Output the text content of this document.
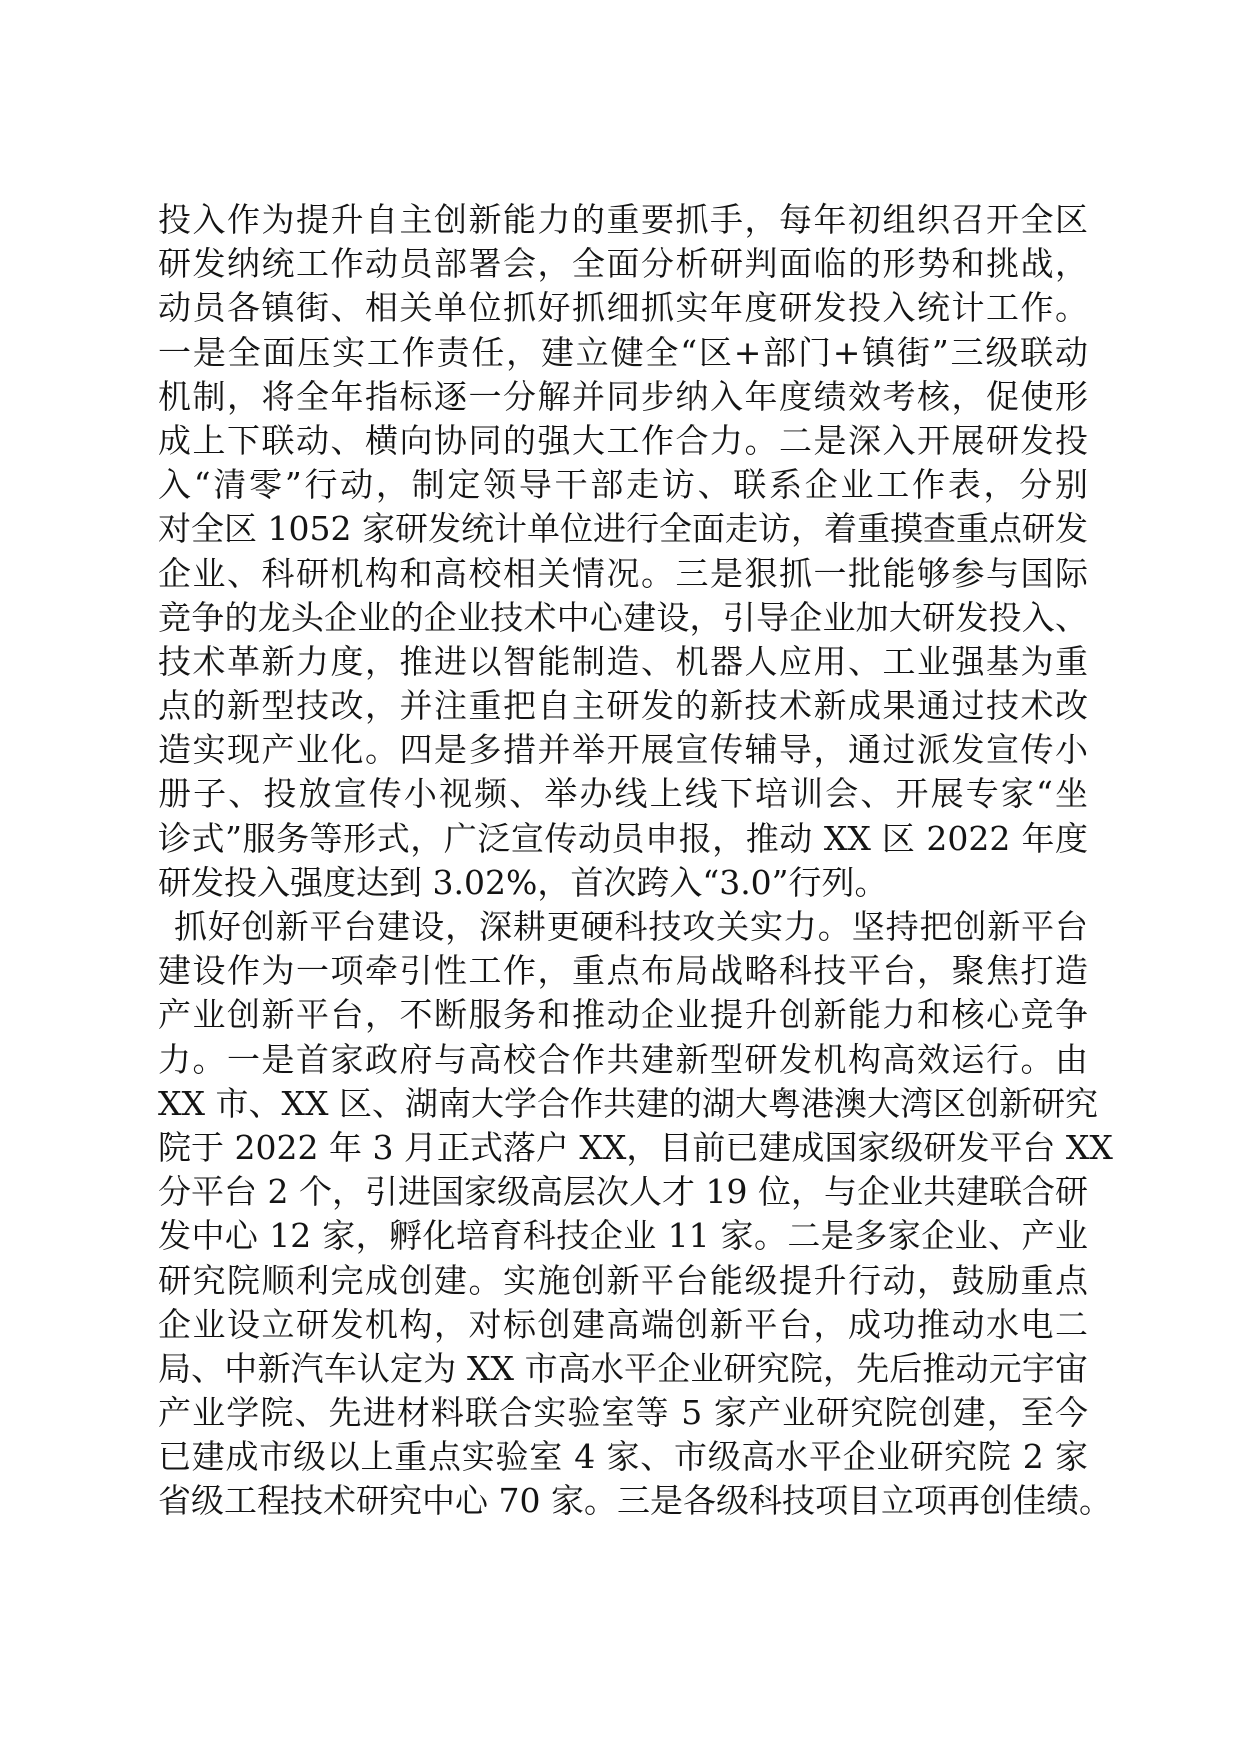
投入作为提升自主创新能力的重要抓手，每年初组织召开全区
研发纳统工作动员部署会，全面分析研判面临的形势和挑战，
动员各镇街、相关单位抓好抓细抓实年度研发投入统计工作。
一是全面压实工作责任，建立健全“区+部门+镇街”三级联动
机制，将全年指标逐一分解并同步纳入年度绩效考核，促使形
成上下联动、横向协同的强大工作合力。二是深入开展研发投
入“清零”行动，制定领导干部走访、联系企业工作表，分别
对全区 1052 家研发统计单位进行全面走访，着重摸查重点研发
企业、科研机构和高校相关情况。三是狠抓一批能够参与国际
竞争的龙头企业的企业技术中心建设，引导企业加大研发投入、
技术革新力度，推进以智能制造、机器人应用、工业强基为重
点的新型技改，并注重把自主研发的新技术新成果通过技术改
造实现产业化。四是多措并举开展宣传辅导，通过派发宣传小
册子、投放宣传小视频、举办线上线下培训会、开展专家“坐
诊式”服务等形式，广泛宣传动员申报，推动 XX 区 2022 年度
研发投入强度达到 3.02%，首次跨入“3.0”行列。
抓好创新平台建设，深耕更硬科技攻关实力。坚持把创新平台
建设作为一项牵引性工作，重点布局战略科技平台，聚焦打造
产业创新平台，不断服务和推动企业提升创新能力和核心竞争
力。一是首家政府与高校合作共建新型研发机构高效运行。由
XX 市、XX 区、湖南大学合作共建的湖大粤港澳大湾区创新研究
院于 2022 年 3 月正式落户 XX，目前已建成国家级研发平台 XX
分平台 2 个，引进国家级高层次人才 19 位，与企业共建联合研
发中心 12 家，孵化培育科技企业 11 家。二是多家企业、产业
研究院顺利完成创建。实施创新平台能级提升行动，鼓励重点
企业设立研发机构，对标创建高端创新平台，成功推动水电二
局、中新汽车认定为 XX 市高水平企业研究院，先后推动元宇宙
产业学院、先进材料联合实验室等 5 家产业研究院创建，至今
已建成市级以上重点实验室 4 家、市级高水平企业研究院 2 家
省级工程技术研究中心 70 家。三是各级科技项目立项再创佳绩。
